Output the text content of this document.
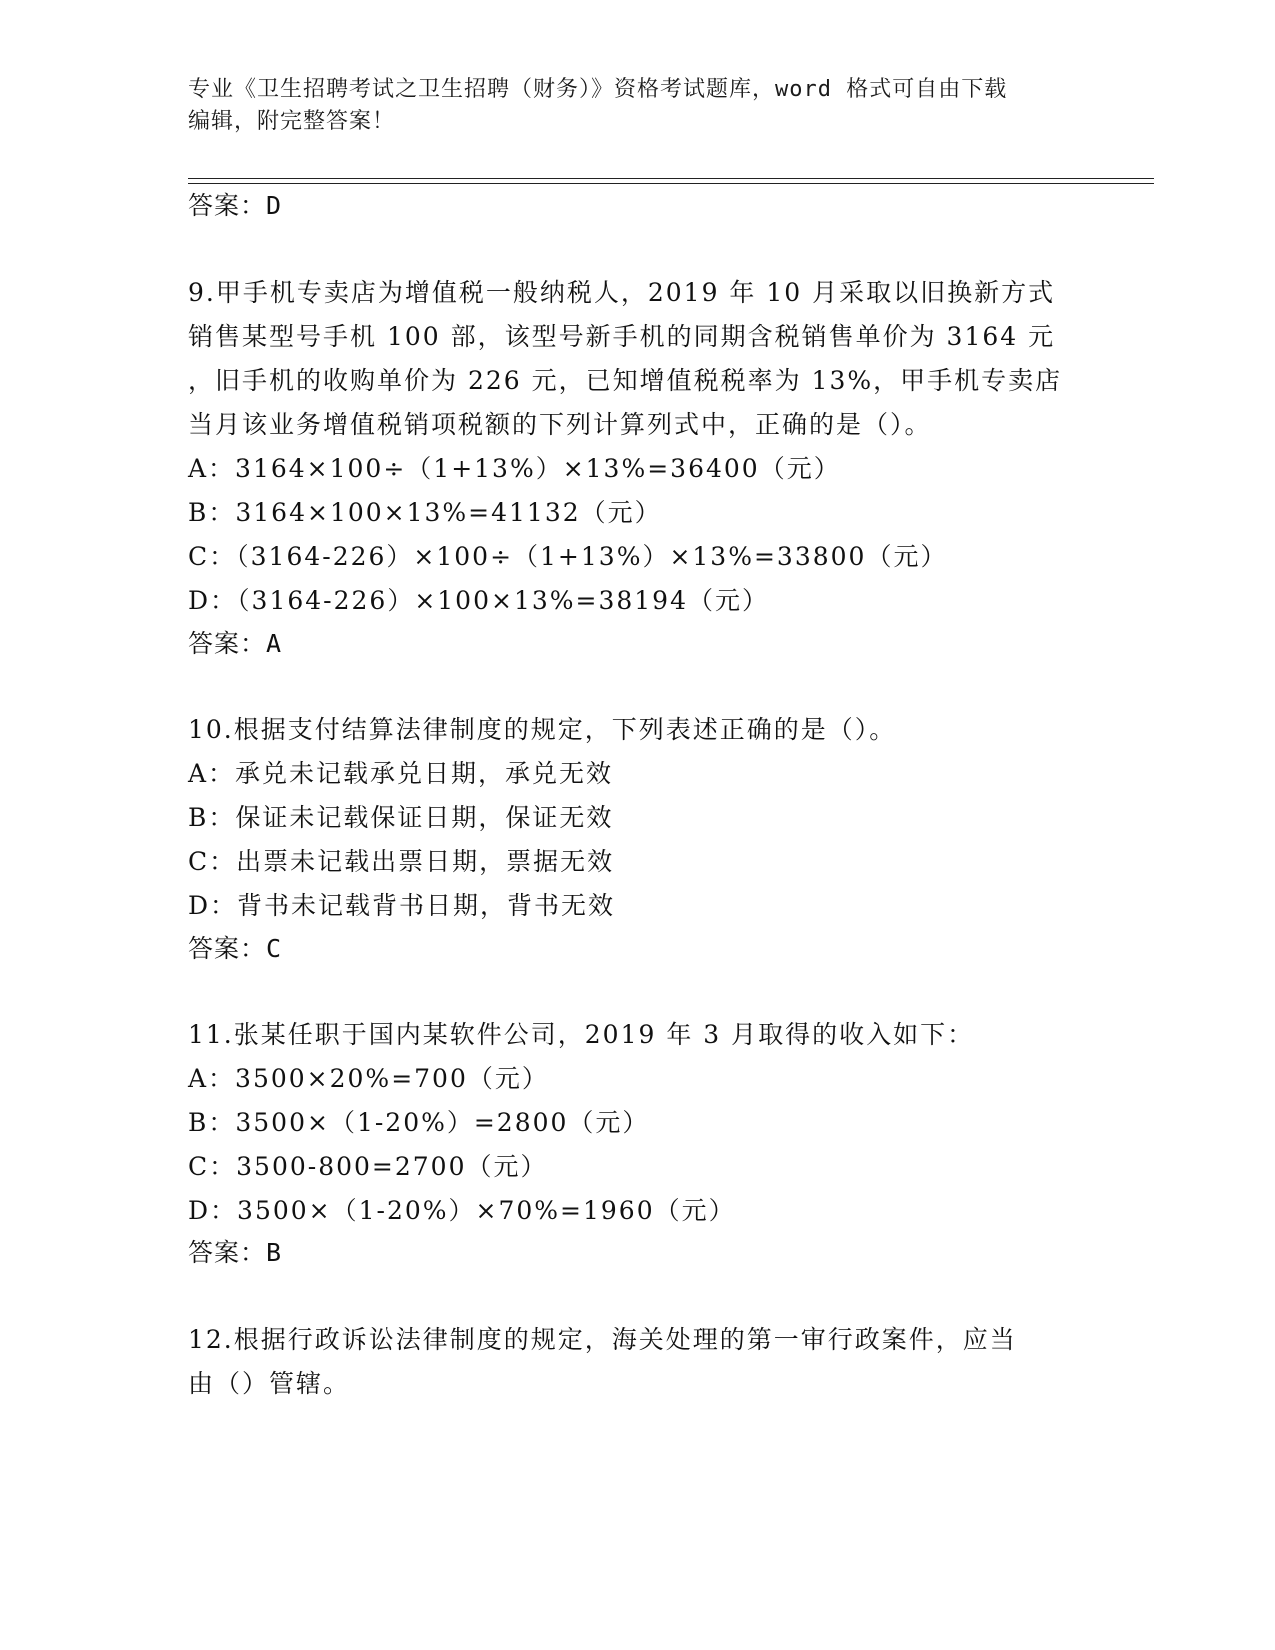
专业《卫生招聘考试之卫生招聘（财务）》资格考试题库，word 格式可自由下载
编辑，附完整答案！
答案：D
9.甲手机专卖店为增值税一般纳税人，2019 年 10 月采取以旧换新方式
销售某型号手机 100 部，该型号新手机的同期含税销售单价为 3164 元
，旧手机的收购单价为 226 元，已知增值税税率为 13%，甲手机专卖店
当月该业务增值税销项税额的下列计算列式中，正确的是（）。
A：3164×100÷（1+13%）×13%=36400（元）
B：3164×100×13%=41132（元）
C：（3164-226）×100÷（1+13%）×13%=33800（元）
D：（3164-226）×100×13%=38194（元）
答案：A
10.根据支付结算法律制度的规定，下列表述正确的是（）。
A：承兑未记载承兑日期，承兑无效
B：保证未记载保证日期，保证无效
C：出票未记载出票日期，票据无效
D：背书未记载背书日期，背书无效
答案：C
11.张某任职于国内某软件公司，2019 年 3 月取得的收入如下：
A：3500×20%=700（元）
B：3500×（1-20%）=2800（元）
C：3500-800=2700（元）
D：3500×（1-20%）×70%=1960（元）
答案：B
12.根据行政诉讼法律制度的规定，海关处理的第一审行政案件，应当
由（）管辖。
